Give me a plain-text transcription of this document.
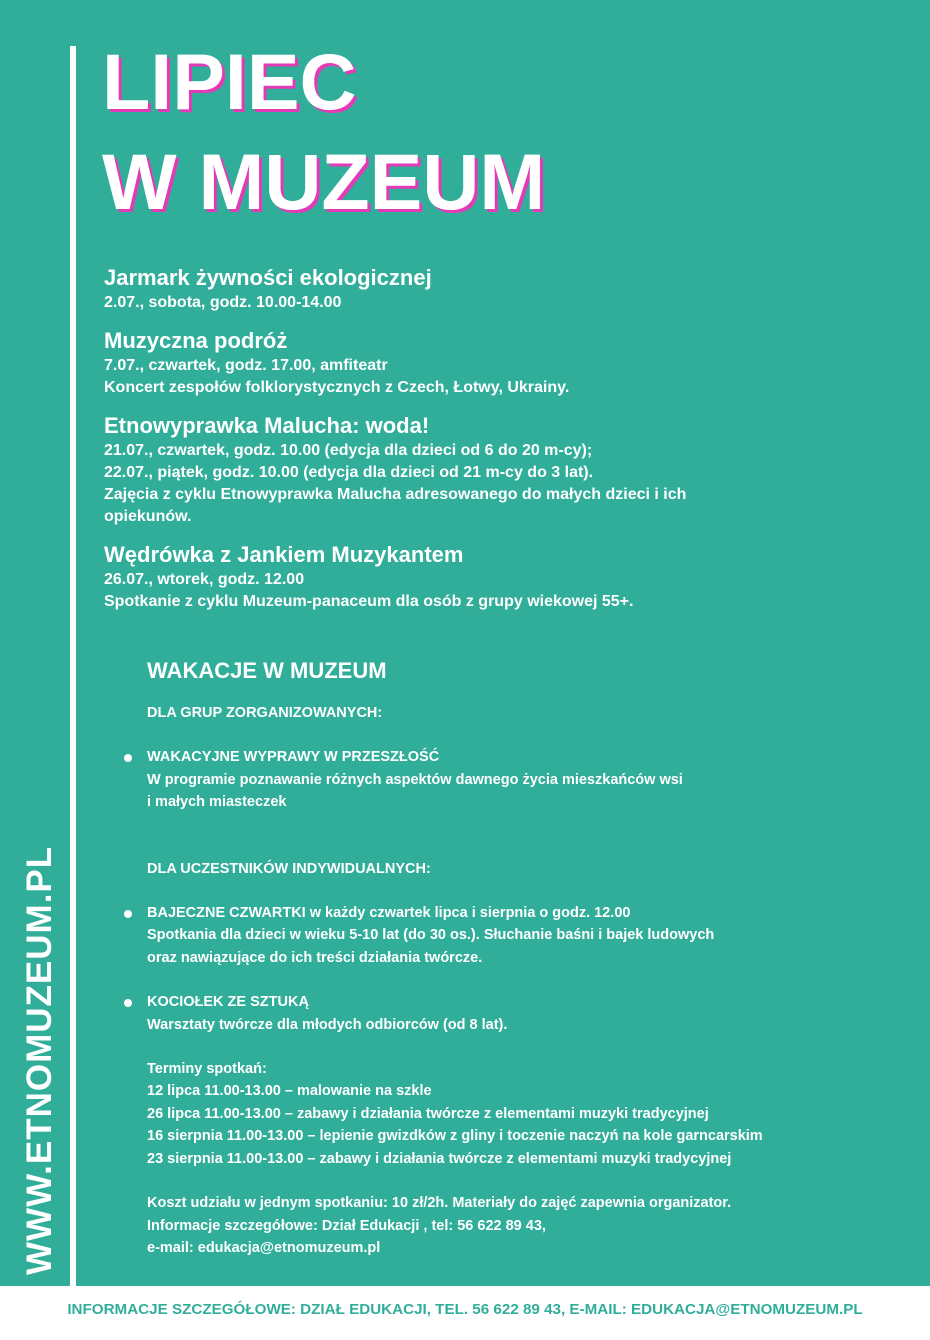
WWW.ETNOMUZEUM.PL
LIPIEC
W MUZEUM
Jarmark żywności ekologicznej
2.07., sobota, godz. 10.00-14.00
Muzyczna podróż
7.07., czwartek, godz. 17.00, amfiteatr
Koncert zespołów folklorystycznych z Czech, Łotwy, Ukrainy.
Etnowyprawka Malucha: woda!
21.07., czwartek, godz. 10.00 (edycja dla dzieci od 6 do 20 m-cy);
22.07., piątek, godz. 10.00 (edycja dla dzieci od 21 m-cy do 3 lat).
Zajęcia z cyklu Etnowyprawka Malucha adresowanego do małych dzieci i ich
opiekunów.
Wędrówka z Jankiem Muzykantem
26.07., wtorek, godz. 12.00
Spotkanie z cyklu Muzeum-panaceum dla osób z grupy wiekowej 55+.
WAKACJE W MUZEUM
DLA GRUP ZORGANIZOWANYCH:
WAKACYJNE WYPRAWY W PRZESZŁOŚĆ
W programie poznawanie różnych aspektów dawnego życia mieszkańców wsi
i małych miasteczek
DLA UCZESTNIKÓW INDYWIDUALNYCH:
BAJECZNE CZWARTKI w każdy czwartek lipca i sierpnia o godz. 12.00
Spotkania dla dzieci w wieku 5-10 lat (do 30 os.). Słuchanie baśni i bajek ludowych
oraz nawiązujące do ich treści działania twórcze.
KOCIOŁEK ZE SZTUKĄ
Warsztaty twórcze dla młodych odbiorców (od 8 lat).
Terminy spotkań:
12 lipca 11.00-13.00 – malowanie na szkle
26 lipca 11.00-13.00 – zabawy i działania twórcze z elementami muzyki tradycyjnej
16 sierpnia 11.00-13.00 – lepienie gwizdków z gliny i toczenie naczyń na kole garncarskim
23 sierpnia 11.00-13.00 – zabawy i działania twórcze z elementami muzyki tradycyjnej
Koszt udziału w jednym spotkaniu: 10 zł/2h. Materiały do zajęć zapewnia organizator.
Informacje szczegółowe: Dział Edukacji , tel: 56 622 89 43,
e-mail: edukacja@etnomuzeum.pl
INFORMACJE SZCZEGÓŁOWE: DZIAŁ EDUKACJI, TEL. 56 622 89 43, E-MAIL: EDUKACJA@ETNOMUZEUM.PL
